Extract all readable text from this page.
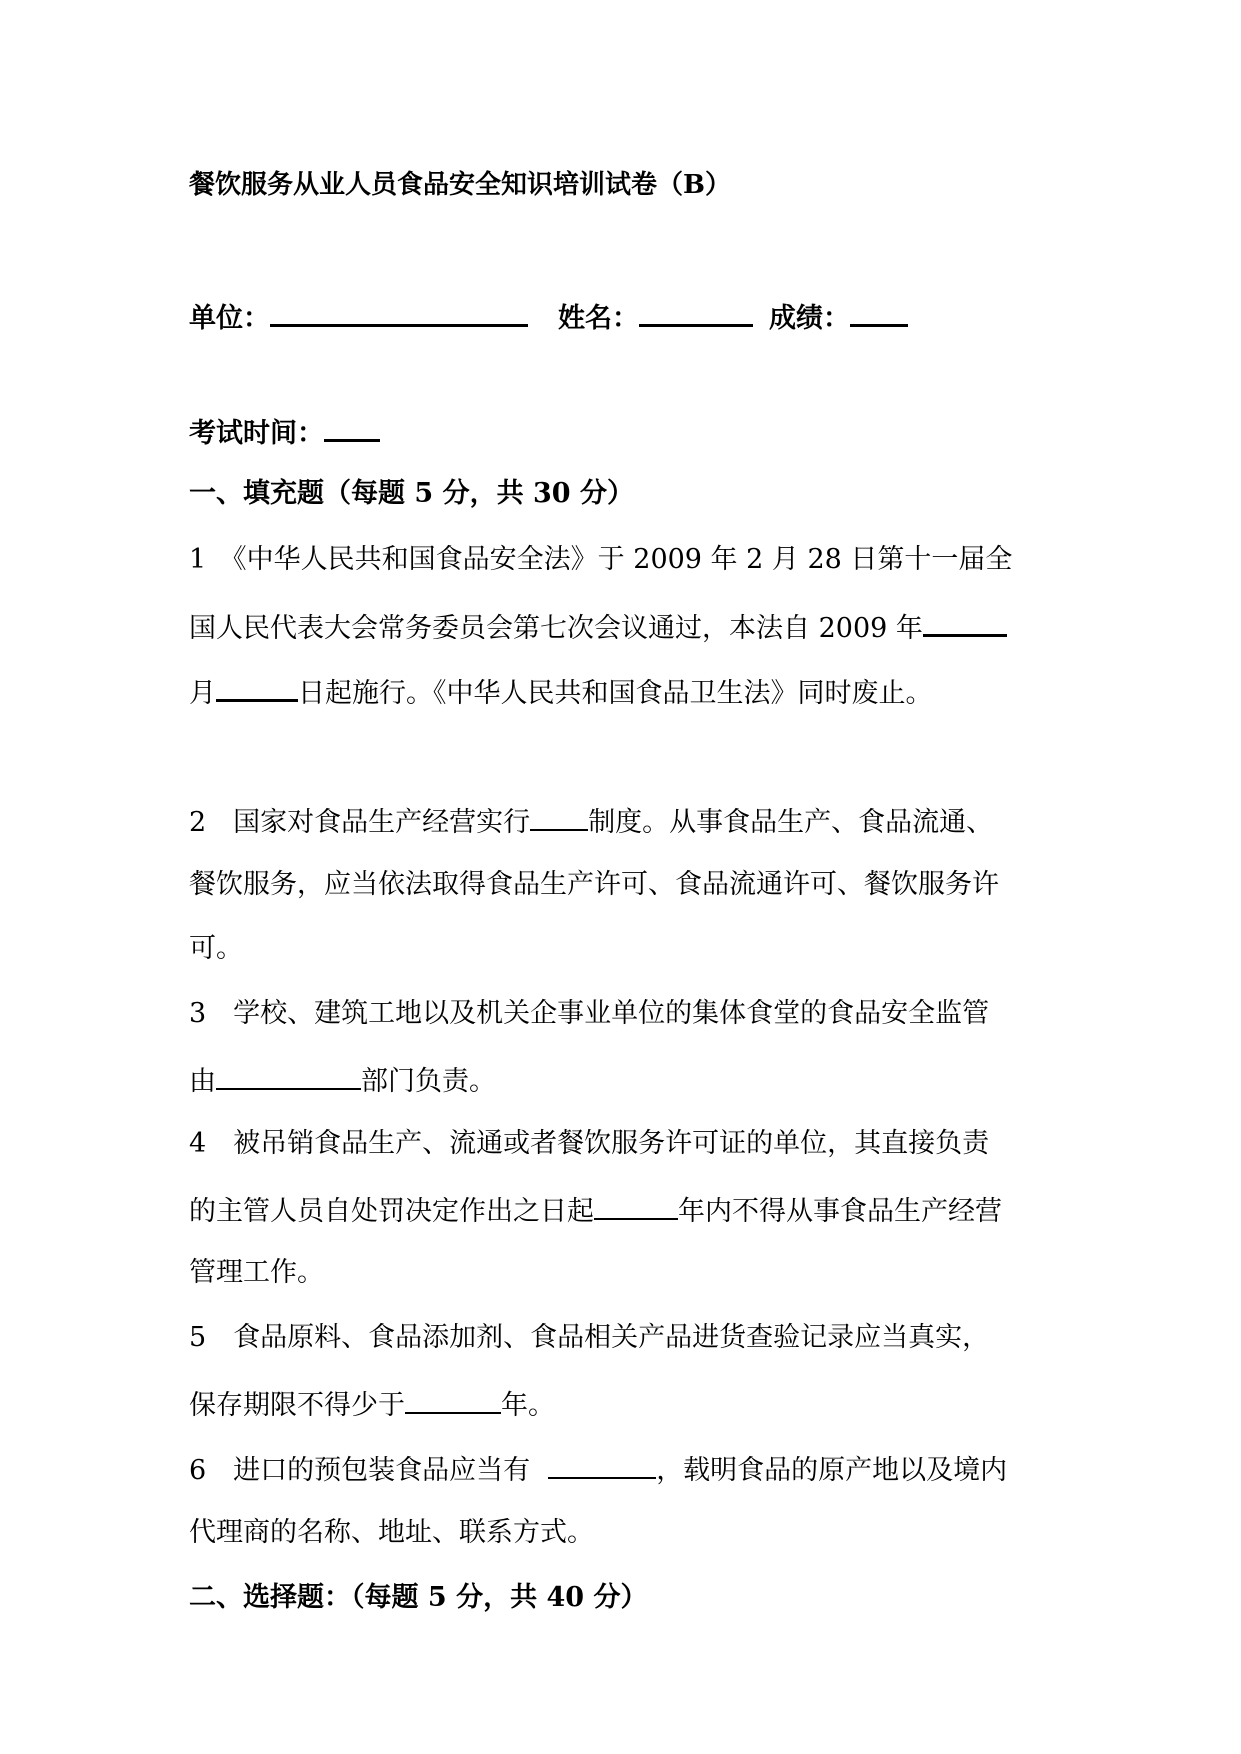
餐饮服务从业人员食品安全知识培训试卷（B）
单位：	姓名：	成绩：
考试时间：
一、填充题（每题 5 分，共 30 分）
1　《中华人民共和国食品安全法》于 2009 年 2 月 28 日第十一届全
国人民代表大会常务委员会第七次会议通过，本法自 2009 年
月	日起施行。《中华人民共和国食品卫生法》同时废止。
2　国家对食品生产经营实行 制度。从事食品生产、食品流通、
餐饮服务，应当依法取得食品生产许可、食品流通许可、餐饮服务许
可。
3　学校、建筑工地以及机关企事业单位的集体食堂的食品安全监管
由	部门负责。
4　被吊销食品生产、流通或者餐饮服务许可证的单位，其直接负责
的主管人员自处罚决定作出之日起	年内不得从事食品生产经营
管理工作。
5　食品原料、食品添加剂、食品相关产品进货查验记录应当真实，
保存期限不得少于	年。
6　进口的预包装食品应当有	，载明食品的原产地以及境内
代理商的名称、地址、联系方式。
二、选择题：（每题 5 分，共 40 分）
